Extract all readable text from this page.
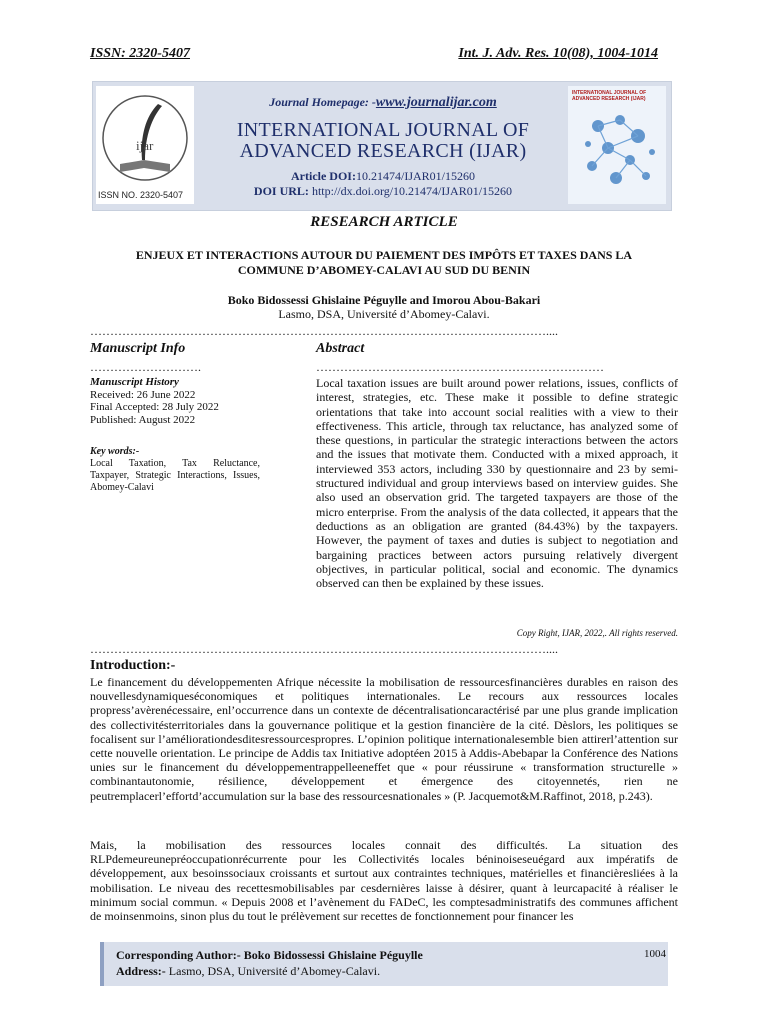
ISSN: 2320-5407	Int. J. Adv. Res. 10(08), 1004-1014
ijar
ISSN NO. 2320-5407
INTERNATIONAL JOURNAL OF ADVANCED RESEARCH (IJAR)
Journal Homepage: -www.journalijar.com
INTERNATIONAL JOURNAL OF
ADVANCED RESEARCH (IJAR)
Article DOI:10.21474/IJAR01/15260
DOI URL: http://dx.doi.org/10.21474/IJAR01/15260
RESEARCH ARTICLE
ENJEUX ET INTERACTIONS AUTOUR DU PAIEMENT DES IMPÔTS ET TAXES DANS LA
COMMUNE D’ABOMEY-CALAVI AU SUD DU BENIN
Boko Bidossessi Ghislaine Péguylle and Imorou Abou-Bakari
Lasmo, DSA, Université d’Abomey-Calavi.
……………………………………………………………………………………………………....
Manuscript Info	Abstract
……………………….	………………………………………………………………
Manuscript History
Received: 26 June 2022
Final Accepted: 28 July 2022
Published: August 2022
Key words:-
Local Taxation, Tax Reluctance, Taxpayer, Strategic Interactions, Issues, Abomey-Calavi
Local taxation issues are built around power relations, issues, conflicts of interest, strategies, etc. These make it possible to define strategic orientations that take into account social realities with a view to their effectiveness. This article, through tax reluctance, has analyzed some of these questions, in particular the strategic interactions between the actors and the issues that motivate them. Conducted with a mixed approach, it interviewed 353 actors, including 330 by questionnaire and 23 by semi-structured individual and group interviews based on interview guides. She also used an observation grid. The targeted taxpayers are those of the micro enterprise. From the analysis of the data collected, it appears that the deductions as an obligation are granted (84.43%) by the taxpayers. However, the payment of taxes and duties is subject to negotiation and bargaining practices between actors pursuing relatively divergent objectives, in particular political, social and economic. The dynamics observed can then be explained by these issues.
Copy Right, IJAR, 2022,. All rights reserved.
……………………………………………………………………………………………………....
Introduction:-
Le financement du développementen Afrique nécessite la mobilisation de ressourcesfinancières durables en raison des nouvellesdynamiqueséconomiques et politiques internationales. Le recours aux ressources locales propress’avèrenécessaire, enl’occurrence dans un contexte de décentralisationcaractérisé par une plus grande implication des collectivitésterritoriales dans la gouvernance politique et la gestion financière de la cité. Dèslors, les politiques se focalisent sur l’améliorationdesditesressourcespropres. L’opinion politique internationalesemble bien attirerl’attention sur cette nouvelle orientation. Le principe de Addis tax Initiative adoptéen 2015 à Addis-Abebapar la Conférence des Nations unies sur le financement du développementrappelleeneffet que « pour réussirune « transformation structurelle » combinantautonomie, résilience, développement et émergence des citoyennetés, rien ne peutremplacerl’effortd’accumulation sur la base des ressourcesnationales » (P. Jacquemot&M.Raffinot, 2018, p.243).
Mais, la mobilisation des ressources locales connait des difficultés. La situation des RLPdemeureunepréoccupationrécurrente pour les Collectivités locales béninoiseseuégard aux impératifs de développement, aux besoinssociaux croissants et surtout aux contraintes techniques, matérielles et financièresliées à la mobilisation. Le niveau des recettesmobilisables par cesdernières laisse à désirer, quant à leurcapacité à réaliser le minimum social commun. « Depuis 2008 et l’avènement du FADeC, les comptesadministratifs des communes affichent de moinsenmoins, sinon plus du tout le prélèvement sur recettes de fonctionnement pour financer les
Corresponding Author:- Boko Bidossessi Ghislaine Péguylle
Address:- Lasmo, DSA, Université d’Abomey-Calavi.
1004
